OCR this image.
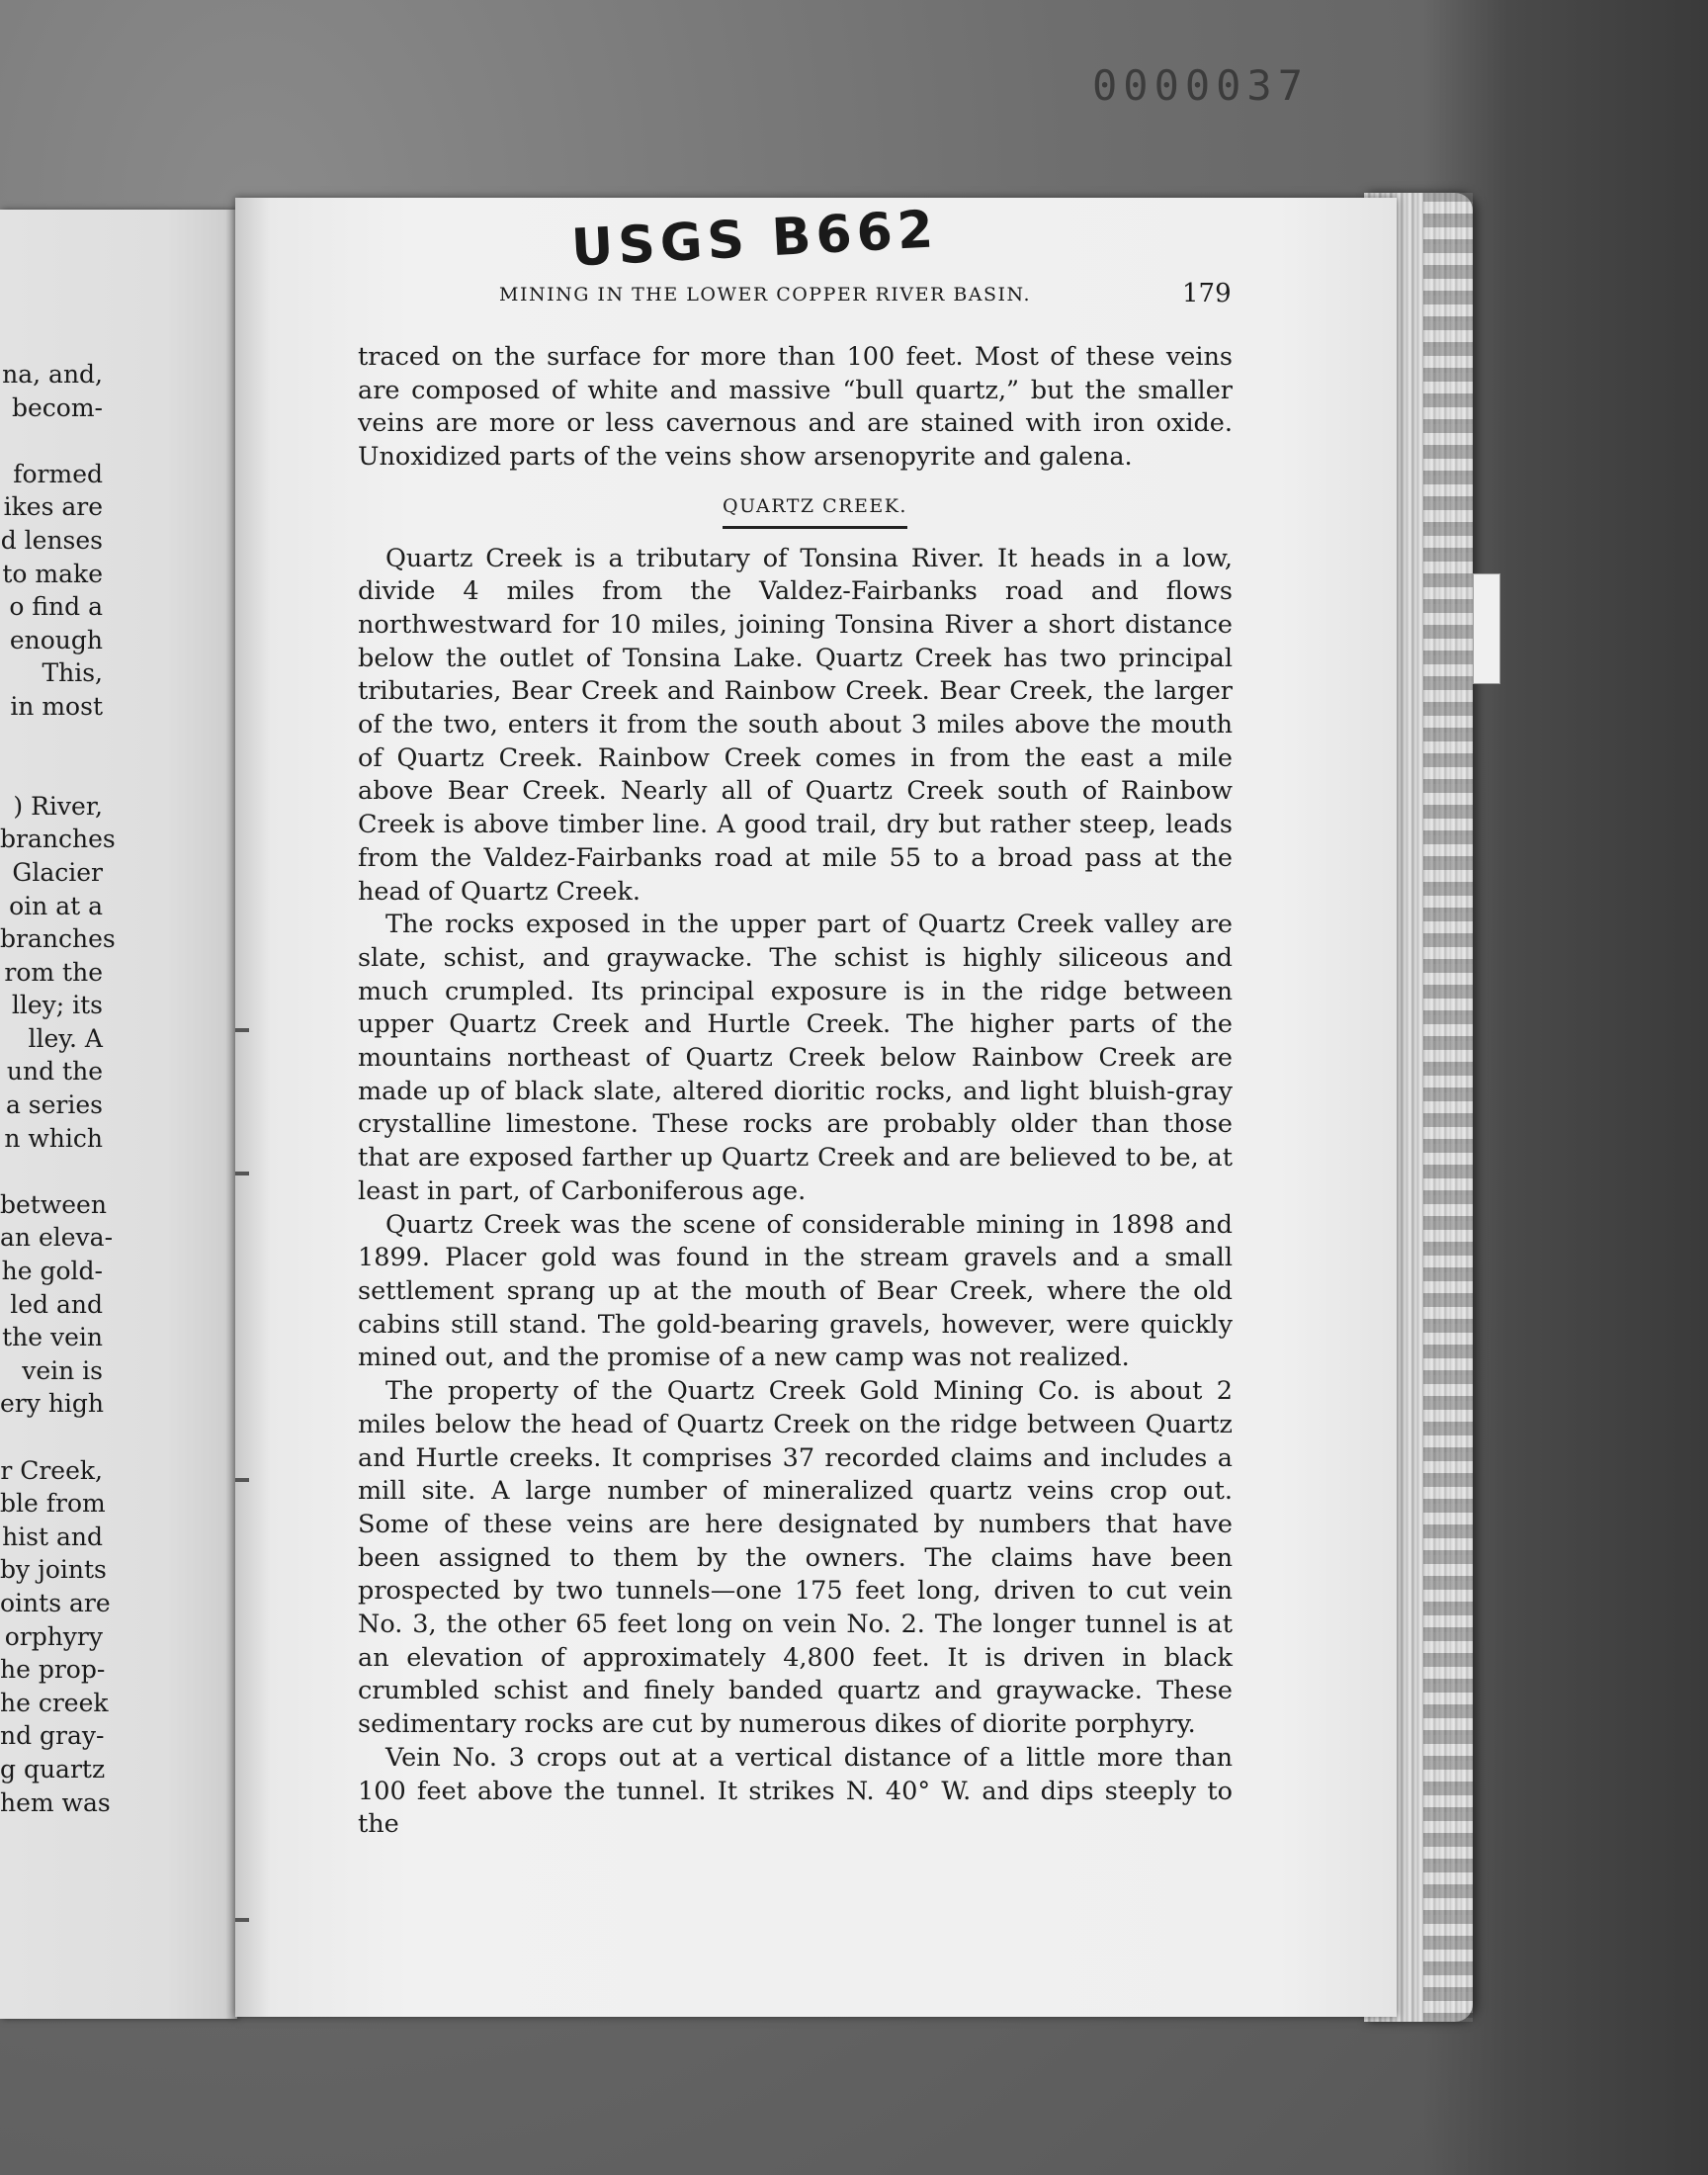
0000037
na, and,
becom-
formed
ikes are
d lenses
to make
o find a
enough
This,
in most
) River,
branches
Glacier
oin at a
branches
rom the
lley; its
lley. A
und the
a series
n which
between
an eleva-
he gold-
led and
the vein
vein is
ery high
r Creek,
ble from
hist and
by joints
oints are
orphyry
he prop-
he creek
nd gray-
g quartz
hem was
USGS B662
MINING IN THE LOWER COPPER RIVER BASIN.	179

traced on the surface for more than 100 feet. Most of these veins are composed of white and massive “bull quartz,” but the smaller veins are more or less cavernous and are stained with iron oxide. Unoxidized parts of the veins show arsenopyrite and galena.

QUARTZ CREEK.

Quartz Creek is a tributary of Tonsina River. It heads in a low, divide 4 miles from the Valdez-Fairbanks road and flows northwestward for 10 miles, joining Tonsina River a short distance below the outlet of Tonsina Lake. Quartz Creek has two principal tributaries, Bear Creek and Rainbow Creek. Bear Creek, the larger of the two, enters it from the south about 3 miles above the mouth of Quartz Creek. Rainbow Creek comes in from the east a mile above Bear Creek. Nearly all of Quartz Creek south of Rainbow Creek is above timber line. A good trail, dry but rather steep, leads from the Valdez-Fairbanks road at mile 55 to a broad pass at the head of Quartz Creek.

The rocks exposed in the upper part of Quartz Creek valley are slate, schist, and graywacke. The schist is highly siliceous and much crumpled. Its principal exposure is in the ridge between upper Quartz Creek and Hurtle Creek. The higher parts of the mountains northeast of Quartz Creek below Rainbow Creek are made up of black slate, altered dioritic rocks, and light bluish-gray crystalline limestone. These rocks are probably older than those that are exposed farther up Quartz Creek and are believed to be, at least in part, of Carboniferous age.

Quartz Creek was the scene of considerable mining in 1898 and 1899. Placer gold was found in the stream gravels and a small settlement sprang up at the mouth of Bear Creek, where the old cabins still stand. The gold-bearing gravels, however, were quickly mined out, and the promise of a new camp was not realized.

The property of the Quartz Creek Gold Mining Co. is about 2 miles below the head of Quartz Creek on the ridge between Quartz and Hurtle creeks. It comprises 37 recorded claims and includes a mill site. A large number of mineralized quartz veins crop out. Some of these veins are here designated by numbers that have been assigned to them by the owners. The claims have been prospected by two tunnels—one 175 feet long, driven to cut vein No. 3, the other 65 feet long on vein No. 2. The longer tunnel is at an elevation of approximately 4,800 feet. It is driven in black crumbled schist and finely banded quartz and graywacke. These sedimentary rocks are cut by numerous dikes of diorite porphyry.

Vein No. 3 crops out at a vertical distance of a little more than 100 feet above the tunnel. It strikes N. 40° W. and dips steeply to the
